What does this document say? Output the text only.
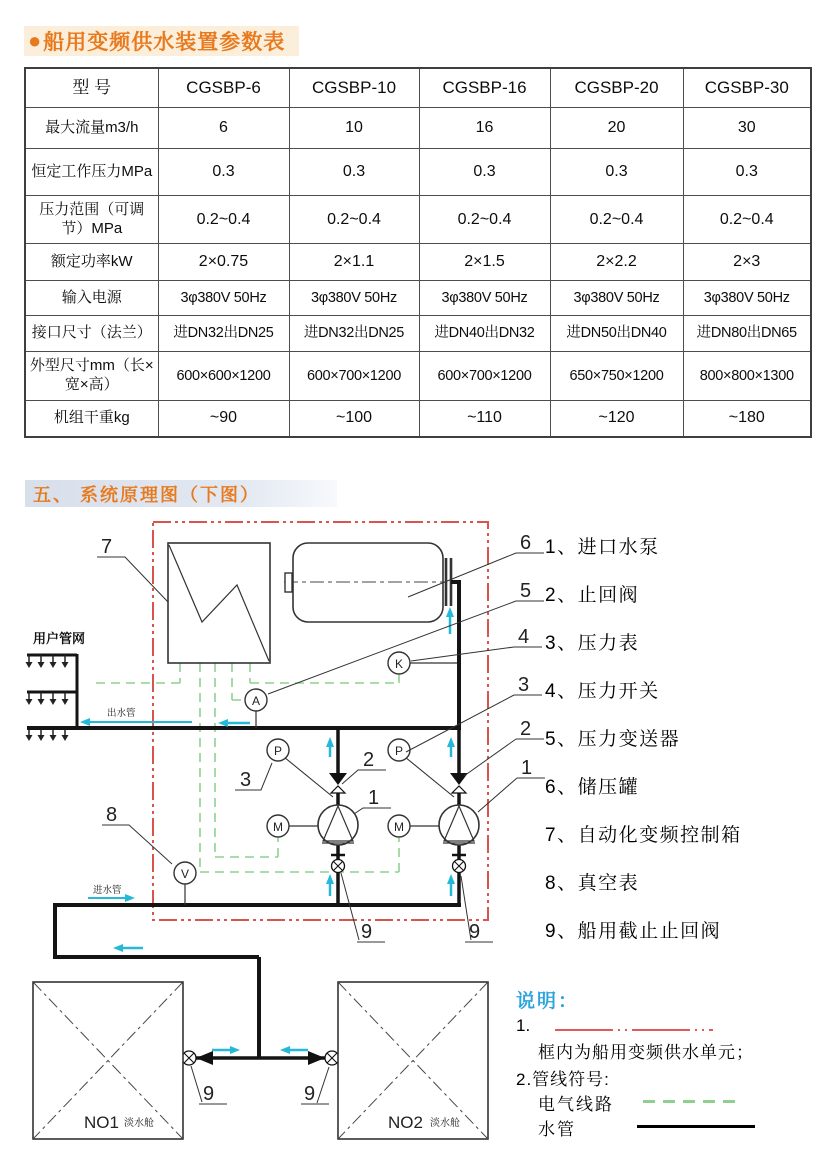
● 船用变频供水装置参数表
型 号	CGSBP-6	CGSBP-10	CGSBP-16	CGSBP-20	CGSBP-30
最大流量m3/h	6	10	16	20	30
恒定工作压力MPa	0.3	0.3	0.3	0.3	0.3
压力范围（可调节）MPa	0.2~0.4	0.2~0.4	0.2~0.4	0.2~0.4	0.2~0.4
额定功率kW	2×0.75	2×1.1	2×1.5	2×2.2	2×3
输入电源	3φ380V 50Hz	3φ380V 50Hz	3φ380V 50Hz	3φ380V 50Hz	3φ380V 50Hz
接口尺寸（法兰）	进DN32出DN25	进DN32出DN25	进DN40出DN32	进DN50出DN40	进DN80出DN65
外型尺寸mm（长×宽×高）	600×600×1200	600×700×1200	600×700×1200	650×750×1200	800×800×1300
机组干重kg	~90	~100	~110	~120	~180
五、 系统原理图（下图）
用户管网
出水管
进水管
M
P
M
P
K
A
V
NO1 淡水舱	NO2 淡水舱
7
8
3
2
1
9	9
9	9
6
5
4
3
2
1
1、进口水泵
2、止回阀
3、压力表
4、压力开关
5、压力变送器
6、储压罐
7、自动化变频控制箱
8、真空表
9、船用截止止回阀
说明：
1.
框内为船用变频供水单元；
2.管线符号:
电气线路
水管
